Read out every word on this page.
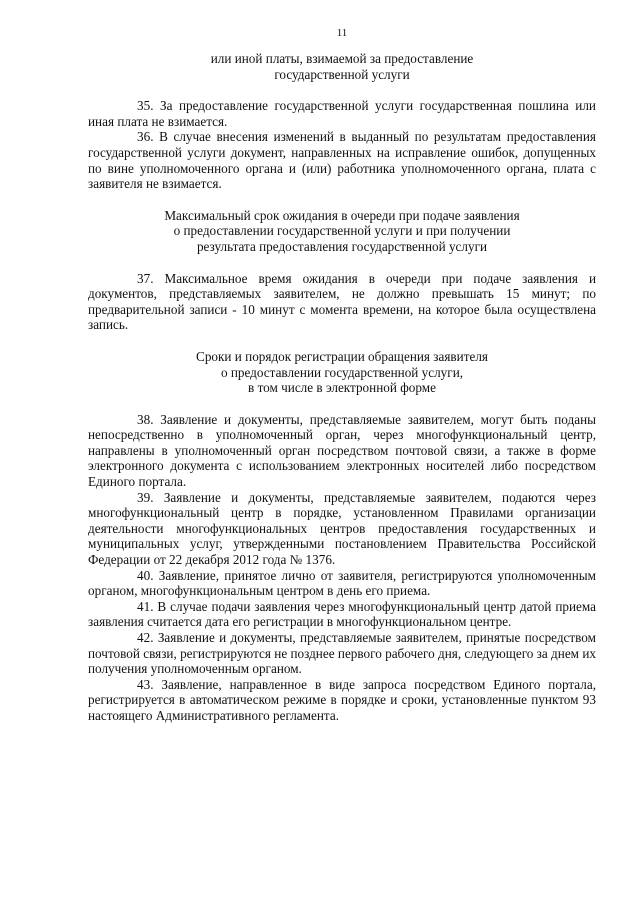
11
или иной платы, взимаемой за предоставление
государственной услуги

35. За предоставление государственной услуги государственная пошлина или иная плата не взимается.

36. В случае внесения изменений в выданный по результатам предоставления государственной услуги документ, направленных на исправление ошибок, допущенных по вине уполномоченного органа и (или) работника уполномоченного органа, плата с заявителя не взимается.

Максимальный срок ожидания в очереди при подаче заявления
о предоставлении государственной услуги и при получении
результата предоставления государственной услуги

37. Максимальное время ожидания в очереди при подаче заявления и документов, представляемых заявителем, не должно превышать 15 минут; по предварительной записи - 10 минут с момента времени, на которое была осуществлена запись.

Сроки и порядок регистрации обращения заявителя
о предоставлении государственной услуги,
в том числе в электронной форме

38. Заявление и документы, представляемые заявителем, могут быть поданы непосредственно в уполномоченный орган, через многофункциональный центр, направлены в уполномоченный орган посредством почтовой связи, а также в форме электронного документа с использованием электронных носителей либо посредством Единого портала.

39. Заявление и документы, представляемые заявителем, подаются через многофункциональный центр в порядке, установленном Правилами организации деятельности многофункциональных центров предоставления государственных и муниципальных услуг, утвержденными постановлением Правительства Российской Федерации от 22 декабря 2012 года № 1376.

40. Заявление, принятое лично от заявителя, регистрируются уполномоченным органом, многофункциональным центром в день его приема.

41. В случае подачи заявления через многофункциональный центр датой приема заявления считается дата его регистрации в многофункциональном центре.

42. Заявление и документы, представляемые заявителем, принятые посредством почтовой связи, регистрируются не позднее первого рабочего дня, следующего за днем их получения уполномоченным органом.

43. Заявление, направленное в виде запроса посредством Единого портала, регистрируется в автоматическом режиме в порядке и сроки, установленные пунктом 93 настоящего Административного регламента.
